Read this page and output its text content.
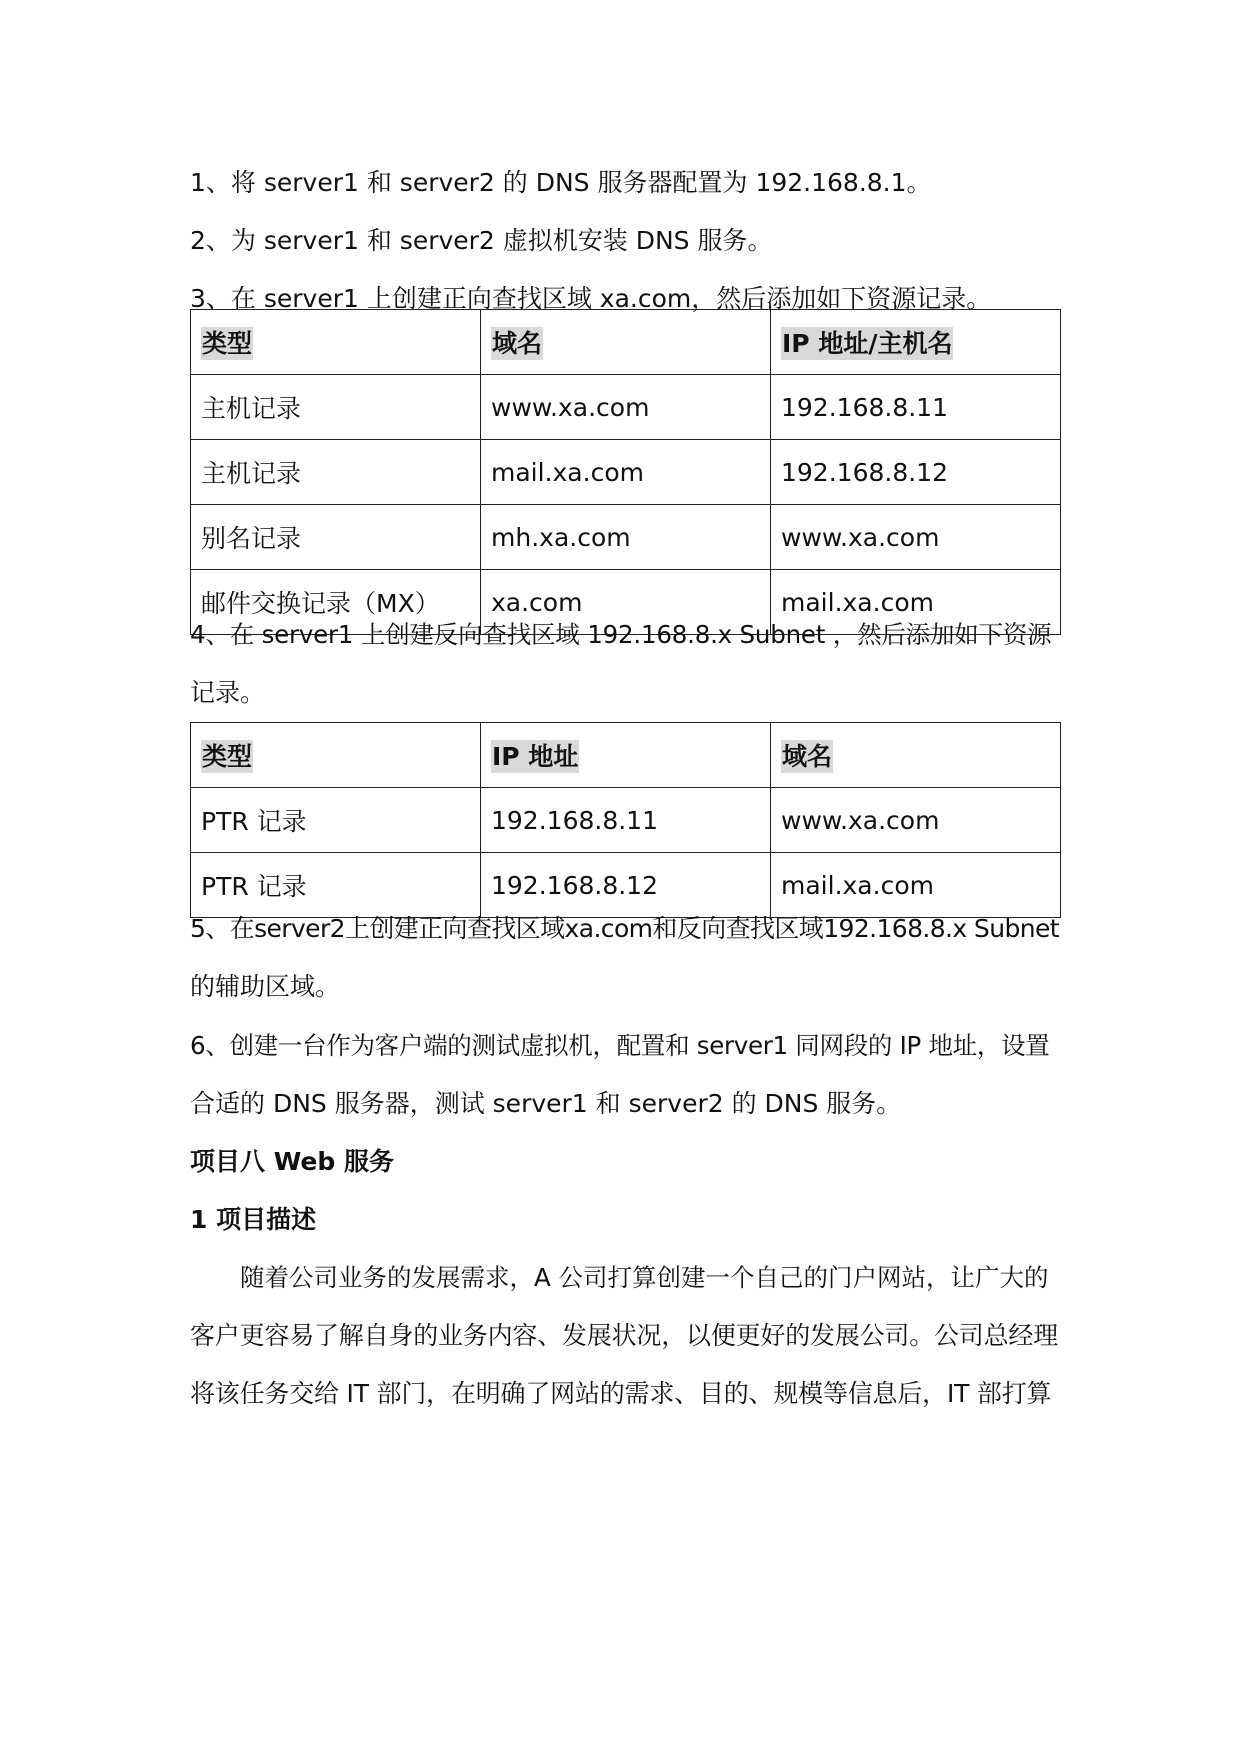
1、将 server1 和 server2 的 DNS 服务器配置为 192.168.8.1。
2、为 server1 和 server2 虚拟机安装 DNS 服务。
3、在 server1 上创建正向查找区域 xa.com，然后添加如下资源记录。
类型	域名	IP 地址/主机名
主机记录	www.xa.com	192.168.8.11
主机记录	mail.xa.com	192.168.8.12
别名记录	mh.xa.com	www.xa.com
邮件交换记录（MX）	xa.com	mail.xa.com
4、在 server1 上创建反向查找区域 192.168.8.x Subnet ，然后添加如下资源
记录。
类型	IP 地址	域名
PTR 记录	192.168.8.11	www.xa.com
PTR 记录	192.168.8.12	mail.xa.com
5、在server2上创建正向查找区域xa.com和反向查找区域192.168.8.x Subnet
的辅助区域。
6、创建一台作为客户端的测试虚拟机，配置和 server1 同网段的 IP 地址，设置
合适的 DNS 服务器，测试 server1 和 server2 的 DNS 服务。
项目八 Web 服务
1 项目描述
随着公司业务的发展需求，A 公司打算创建一个自己的门户网站，让广大的
客户更容易了解自身的业务内容、发展状况，以便更好的发展公司。公司总经理
将该任务交给 IT 部门，在明确了网站的需求、目的、规模等信息后，IT 部打算
